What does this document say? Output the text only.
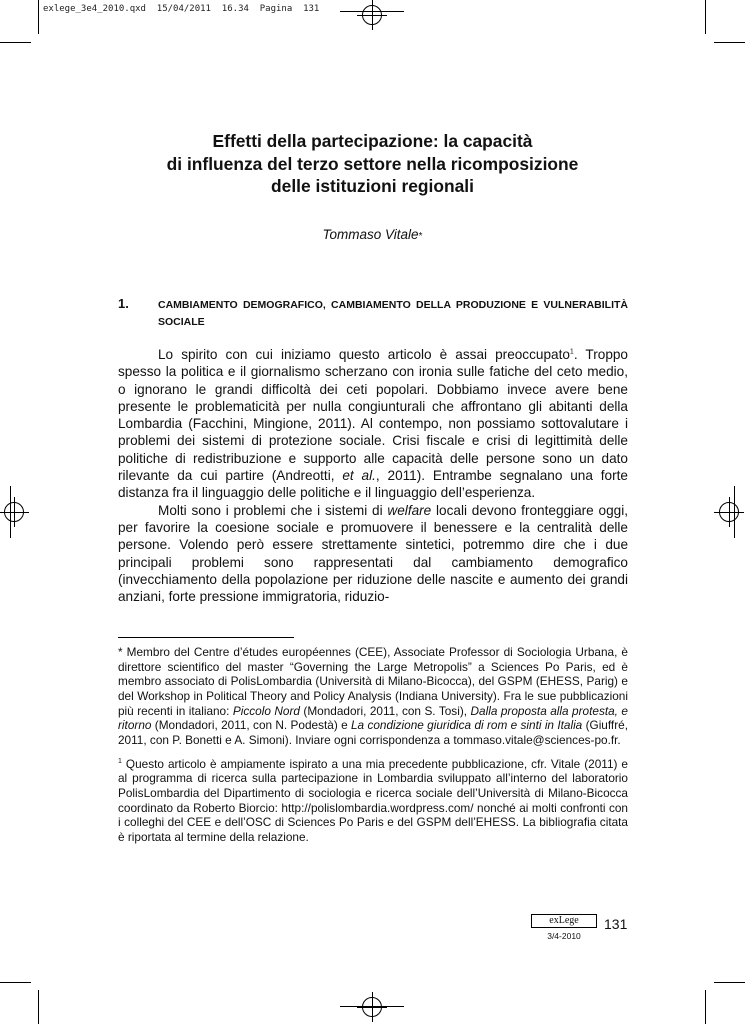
exlege_3e4_2010.qxd  15/04/2011  16.34  Pagina  131
Effetti della partecipazione: la capacità
di influenza del terzo settore nella ricomposizione
delle istituzioni regionali
Tommaso Vitale*
1.	CAMBIAMENTO DEMOGRAFICO, CAMBIAMENTO DELLA PRODUZIONE E VULNERABILITÀ SOCIALE

Lo spirito con cui iniziamo questo articolo è assai preoccupato$^1$. Troppo spesso la politica e il giornalismo scherzano con ironia sulle fatiche del ceto medio, o ignorano le grandi difficoltà dei ceti popolari. Dobbiamo invece avere bene presente le problematicità per nulla congiunturali che affrontano gli abitanti della Lombardia (Facchini, Mingione, 2011). Al contempo, non possiamo sottovalutare i problemi dei sistemi di protezione sociale. Crisi fiscale e crisi di legittimità delle politiche di redistribuzione e supporto alle capacità delle persone sono un dato rilevante da cui partire (Andreotti, et al., 2011). Entrambe segnalano una forte distanza fra il linguaggio delle politiche e il linguaggio dell’esperienza.

Molti sono i problemi che i sistemi di welfare locali devono fronteggiare oggi, per favorire la coesione sociale e promuovere il benessere e la centralità delle persone. Volendo però essere strettamente sintetici, potremmo dire che i due principali problemi sono rappresentati dal cambiamento demografico (invecchiamento della popolazione per riduzione delle nascite e aumento dei grandi anziani, forte pressione immigratoria, riduzio-

* Membro del Centre d’études européennes (CEE), Associate Professor di Sociologia Urbana, è direttore scientifico del master “Governing the Large Metropolis” a Sciences Po Paris, ed è membro associato di PolisLombardia (Università di Milano-Bicocca), del GSPM (EHESS, Parig) e del Workshop in Political Theory and Policy Analysis (Indiana University). Fra le sue pubblicazioni più recenti in italiano: Piccolo Nord (Mondadori, 2011, con S. Tosi), Dalla proposta alla protesta, e ritorno (Mondadori, 2011, con N. Podestà) e La condizione giuridica di rom e sinti in Italia (Giuffré, 2011, con P. Bonetti e A. Simoni). Inviare ogni corrispondenza a tommaso.vitale@sciences-po.fr.

$^1$ Questo articolo è ampiamente ispirato a una mia precedente pubblicazione, cfr. Vitale (2011) e al programma di ricerca sulla partecipazione in Lombardia sviluppato all’interno del laboratorio PolisLombardia del Dipartimento di sociologia e ricerca sociale dell’Università di Milano-Bicocca coordinato da Roberto Biorcio: http://polislombardia.wordpress.com/ nonché ai molti confronti con i colleghi del CEE e dell’OSC di Sciences Po Paris e del GSPM dell’EHESS. La bibliografia citata è riportata al termine della relazione.

exLege
3/4-2010
131
